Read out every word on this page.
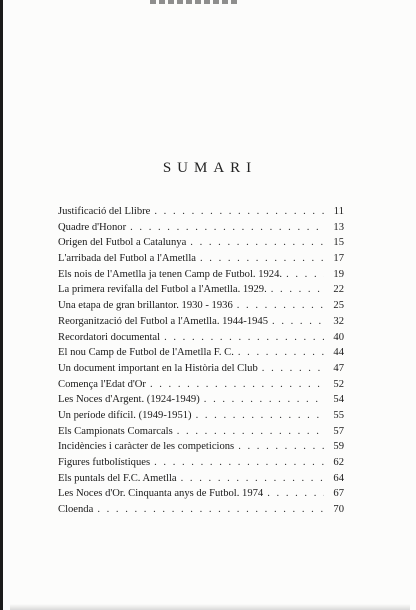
SUMARI
Justificació del Llibre . . .	11
Quadre d'Honor . . .	13
Origen del Futbol a Catalunya . . .	15
L'arribada del Futbol a l'Ametlla . . .	17
Els nois de l'Ametlla ja tenen Camp de Futbol. 1924. . . .	19
La primera revifalla del Futbol a l'Ametlla. 1929. . . .	22
Una etapa de gran brillantor. 1930 - 1936 . . .	25
Reorganització del Futbol a l'Ametlla. 1944-1945 . . .	32
Recordatori documental . . .	40
El nou Camp de Futbol de l'Ametlla F. C. . . .	44
Un document important en la Història del Club . . .	47
Comença l'Edat d'Or . . .	52
Les Noces d'Argent. (1924-1949) . . .	54
Un període difícil. (1949-1951) . . .	55
Els Campionats Comarcals . . .	57
Incidències i caràcter de les competicions . . .	59
Figures futbolístiques . . .	62
Els puntals del F.C. Ametlla . . .	64
Les Noces d'Or. Cinquanta anys de Futbol. 1974 . . .	67
Cloenda . . .	70
